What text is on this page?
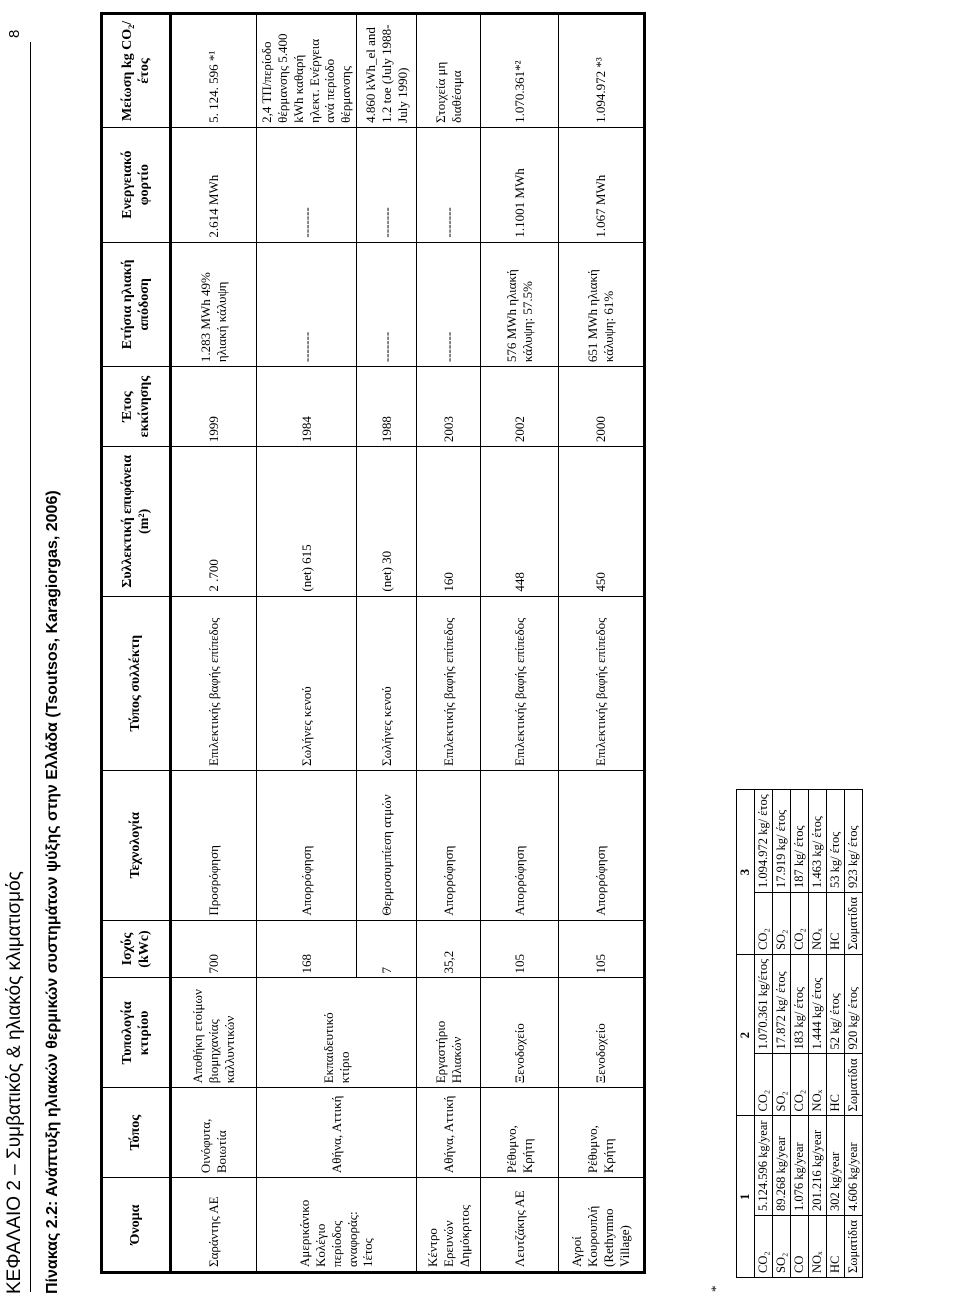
ΚΕΦΑΛΑΙΟ 2 – Συμβατικός & ηλιακός κλιματισμός
8
Πίνακας 2.2: Ανάπτυξη ηλιακών θερμικών συστημάτων ψύξης στην Ελλάδα (Tsoutsos, Karagiorgas, 2006)	Όνομα	Τόπος	Τυπολογία κτιρίου	Ισχύς (kWc)	Τεχνολογία	Τύπος συλλέκτη	Συλλεκτική επιφάνεια (m²)	Έτος εκκίνησης	Ετήσια ηλιακή απόδοση	Ενεργειακό φορτίο	Μείωση kg CO₂/έτος
Σαράντης ΑΕ	Οινόφυτα, Βοιωτία	Αποθήκη ετοίμων βιομηχανίας καλλυντικών	700	Προσρόφηση	Επιλεκτικής βαφής επίπεδος	2 .700	1999	1.283 MWh 49% ηλιακή κάλυψη	2.614 MWh	5. 124. 596 *¹
Αμερικάνικο Κολέγιο περίοδος αναφοράς: 1έτος	Αθήνα, Αττική	Εκπαιδευτικό κτίριο	168	Απορρόφηση	Σωλήνες κενού	(net) 615	1984	-------	-------	2,4 ΤΠ/περίοδο θέρμανσης 5.400 kWh καθαρή ηλεκτ. Ενέργεια ανά περίοδο θέρμανσης
			7	Θερμοσυμπίεση ατμών	Σωλήνες κενού	(net) 30	1988	-------	-------	4.860 kWh_el and 1.2 toe (July 1988- July 1990)
Κέντρο Ερευνών Δημόκριτος	Αθήνα, Αττική	Εργαστήριο Ηλιακών	35,2	Απορρόφηση	Επιλεκτικής βαφής επίπεδος	160	2003	-------	-------	Στοιχεία μη διαθέσιμα
Λευτζάκης ΑΕ	Ρέθυμνο, Κρήτη	Ξενοδοχείο	105	Απορρόφηση	Επιλεκτικής βαφής επίπεδος	448	2002	576 MWh ηλιακή κάλυψη: 57.5%	1.1001 MWh	1.070.361*²
Αγροί Κουρουπλή (Rethymno Village)	Ρέθυμνο, Κρήτη	Ξενοδοχείο	105	Απορρόφηση	Επιλεκτικής βαφής επίπεδος	450	2000	651 MWh ηλιακή κάλυψη: 61%	1.067 MWh	1.094.972 *³
*
1		2		3	
CO₂	5.124.596 kg/year	CO₂	1.070.361 kg/έτος	CO₂	1.094.972 kg/ έτος
SO₂	89.268 kg/year	SO₂	17.872 kg/ έτος	SO₂	17.919 kg/ έτος
CO	1.076 kg/year	CO₂	183 kg/ έτος	CO₂	187 kg/ έτος
NOₓ	201.216 kg/year	NOₓ	1.444 kg/ έτος	NOₓ	1.463 kg/ έτος
HC	302 kg/year	HC	52 kg/ έτος	HC	53 kg/ έτος
Σωματίδια	4.606 kg/year	Σωματίδια	920 kg/ έτος	Σωματίδια	923 kg/ έτος
